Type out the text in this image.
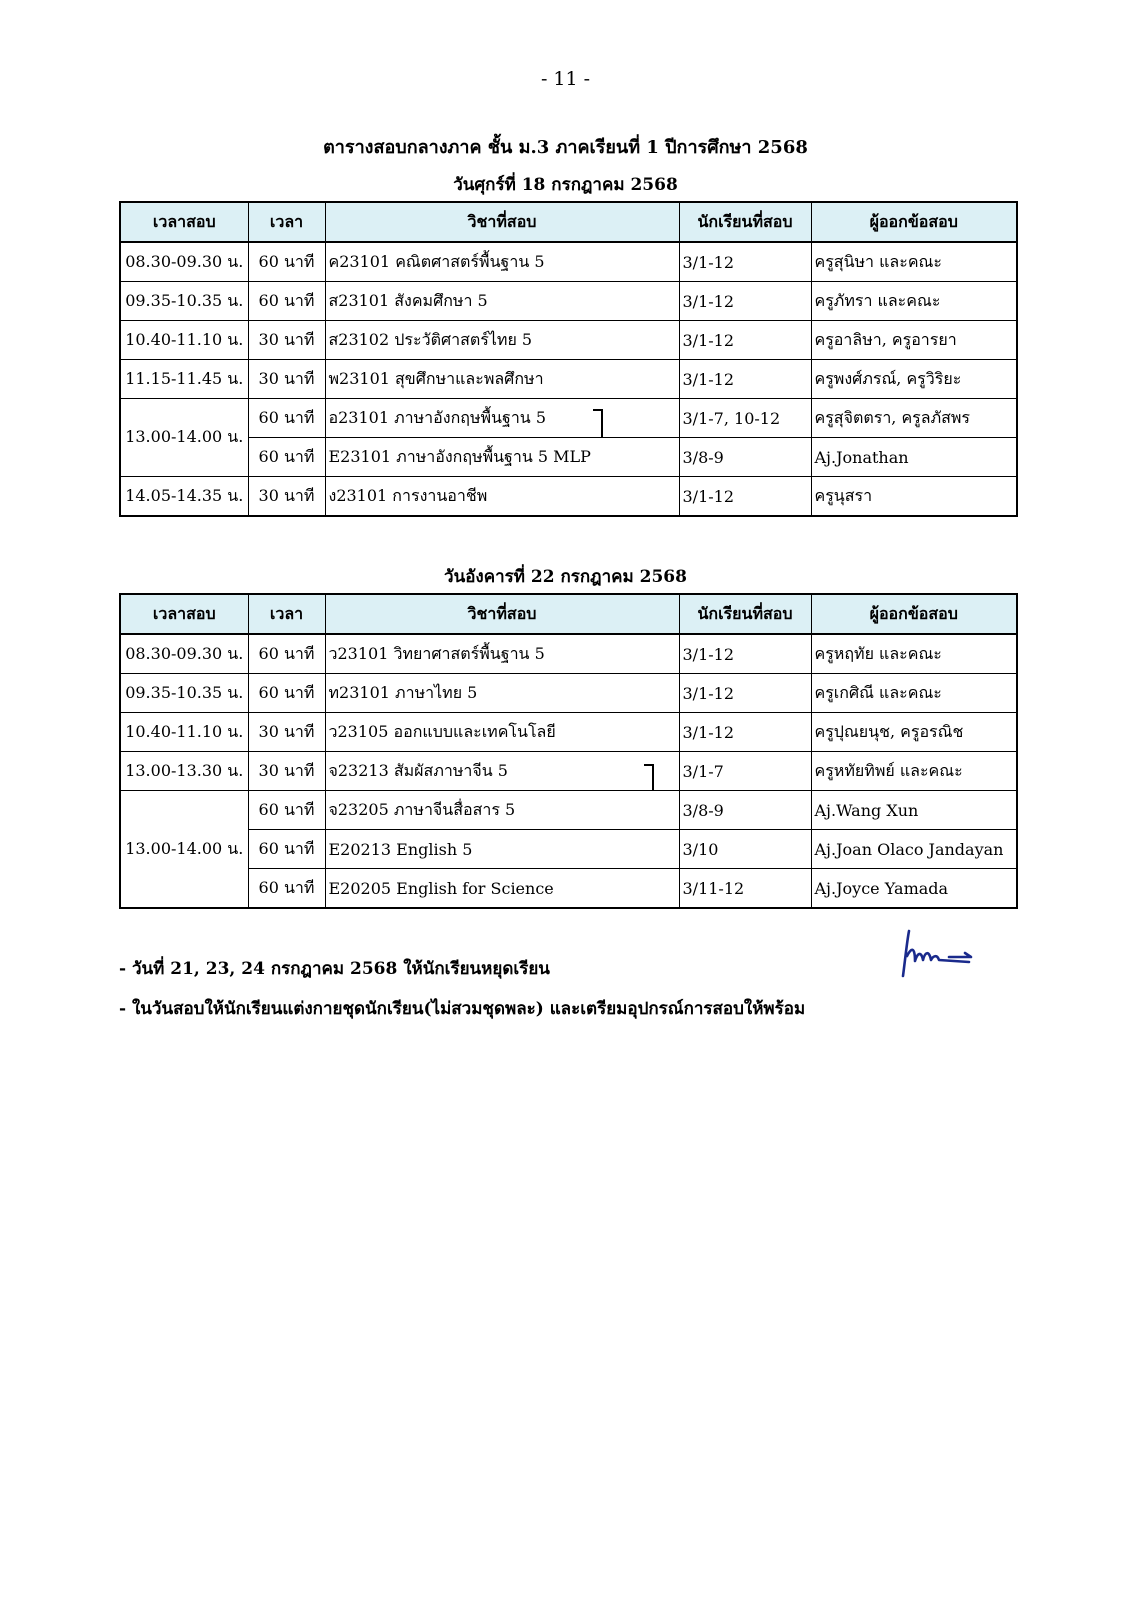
- 11 -
ตารางสอบกลางภาค ชั้น ม.3 ภาคเรียนที่ 1 ปีการศึกษา 2568
วันศุกร์ที่ 18 กรกฎาคม 2568
เวลาสอบ	เวลา	วิชาที่สอบ	นักเรียนที่สอบ	ผู้ออกข้อสอบ
08.30-09.30 น.	60 นาที	ค23101 คณิตศาสตร์พื้นฐาน 5	3/1-12	ครูสุนิษา และคณะ
09.35-10.35 น.	60 นาที	ส23101 สังคมศึกษา 5	3/1-12	ครูภัทรา และคณะ
10.40-11.10 น.	30 นาที	ส23102 ประวัติศาสตร์ไทย 5	3/1-12	ครูอาลิษา, ครูอารยา
11.15-11.45 น.	30 นาที	พ23101 สุขศึกษาและพลศึกษา	3/1-12	ครูพงศ์ภรณ์, ครูวิริยะ
13.00-14.00 น.	60 นาที	อ23101 ภาษาอังกฤษพื้นฐาน 5	3/1-7, 10-12	ครูสุจิตตรา, ครูลภัสพร
	60 นาที	E23101 ภาษาอังกฤษพื้นฐาน 5 MLP	3/8-9	Aj.Jonathan
14.05-14.35 น.	30 นาที	ง23101 การงานอาชีพ	3/1-12	ครูนุสรา
วันอังคารที่ 22 กรกฎาคม 2568
เวลาสอบ	เวลา	วิชาที่สอบ	นักเรียนที่สอบ	ผู้ออกข้อสอบ
08.30-09.30 น.	60 นาที	ว23101 วิทยาศาสตร์พื้นฐาน 5	3/1-12	ครูหฤทัย และคณะ
09.35-10.35 น.	60 นาที	ท23101 ภาษาไทย 5	3/1-12	ครูเกศิณี และคณะ
10.40-11.10 น.	30 นาที	ว23105 ออกแบบและเทคโนโลยี	3/1-12	ครูปุณยนุช, ครูอรณิช
13.00-13.30 น.	30 นาที	จ23213 สัมผัสภาษาจีน 5	3/1-7	ครูหทัยทิพย์ และคณะ
13.00-14.00 น.	60 นาที	จ23205 ภาษาจีนสื่อสาร 5	3/8-9	Aj.Wang Xun
	60 นาที	E20213 English 5	3/10	Aj.Joan Olaco Jandayan
	60 นาที	E20205 English for Science	3/11-12	Aj.Joyce Yamada
- วันที่ 21, 23, 24 กรกฎาคม 2568 ให้นักเรียนหยุดเรียน
- ในวันสอบให้นักเรียนแต่งกายชุดนักเรียน(ไม่สวมชุดพละ) และเตรียมอุปกรณ์การสอบให้พร้อม
